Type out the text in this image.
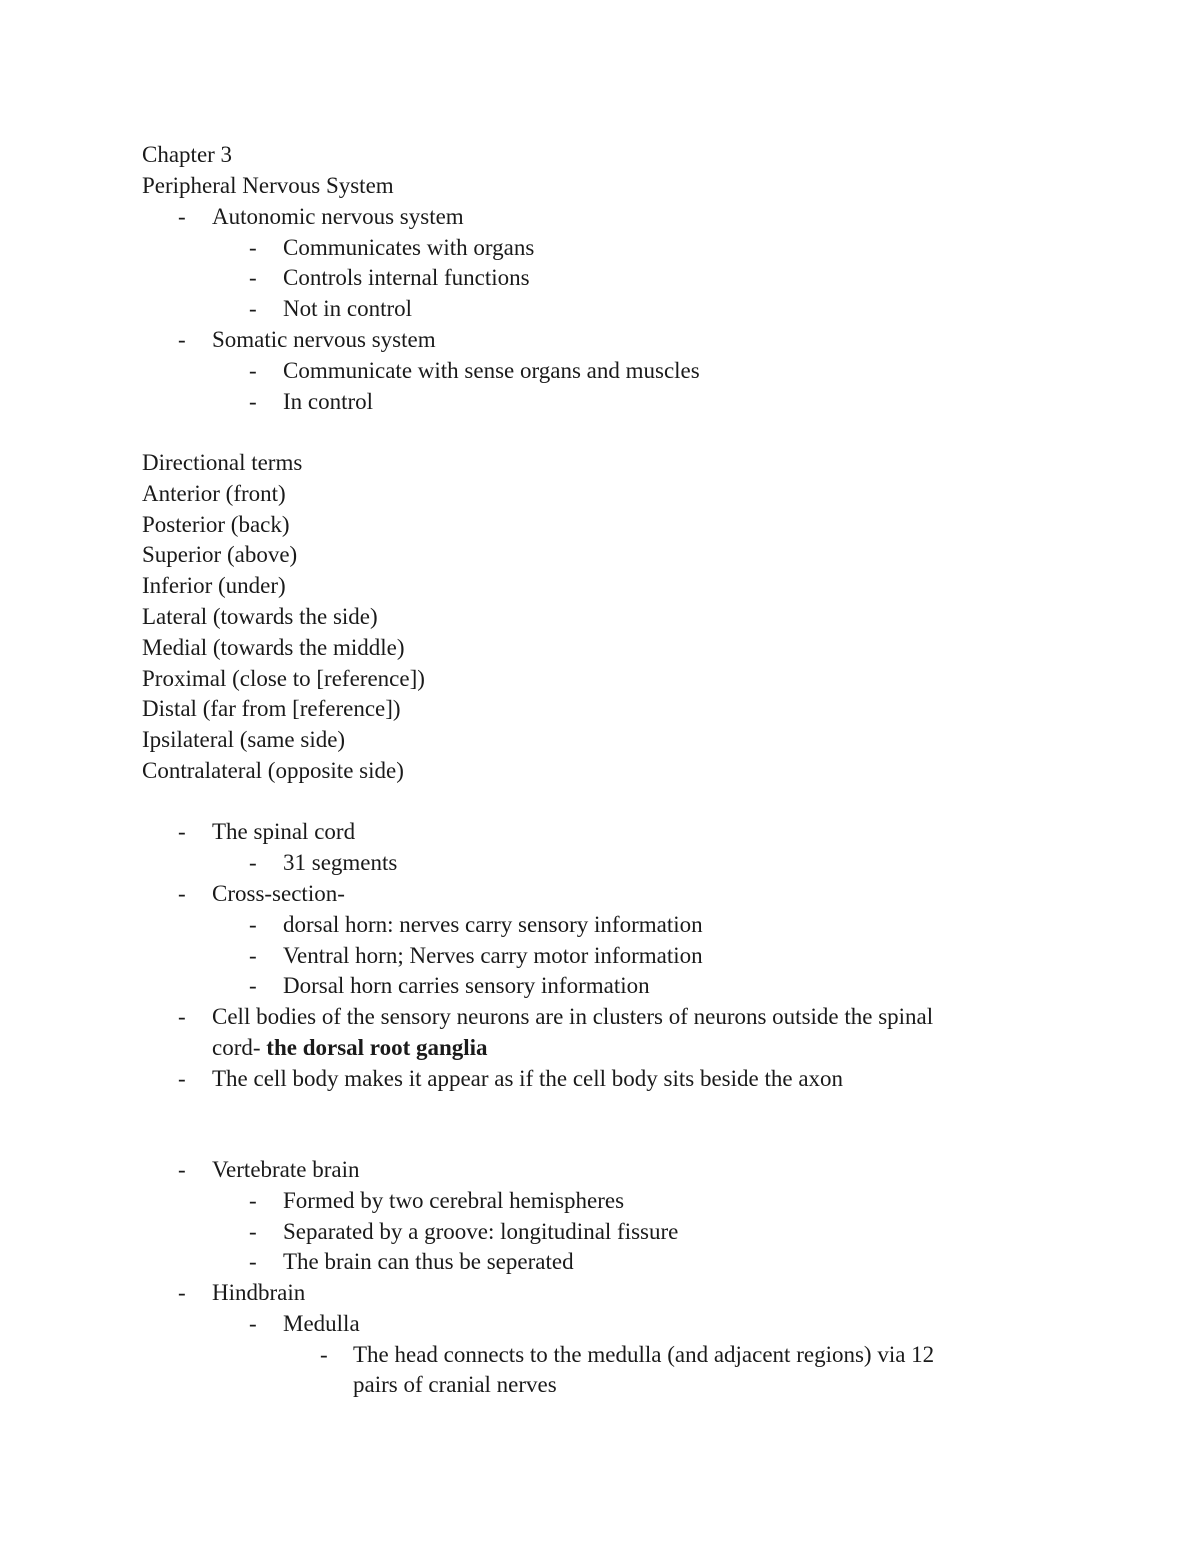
Chapter 3
Peripheral Nervous System
- Autonomic nervous system
- Communicates with organs
- Controls internal functions
- Not in control
- Somatic nervous system
- Communicate with sense organs and muscles
- In control
Directional terms
Anterior (front)
Posterior (back)
Superior (above)
Inferior (under)
Lateral (towards the side)
Medial (towards the middle)
Proximal (close to [reference])
Distal (far from [reference])
Ipsilateral (same side)
Contralateral (opposite side)
- The spinal cord
- 31 segments
- Cross-section-
- dorsal horn: nerves carry sensory information
- Ventral horn; Nerves carry motor information
- Dorsal horn carries sensory information
- Cell bodies of the sensory neurons are in clusters of neurons outside the spinal
cord- the dorsal root ganglia
- The cell body makes it appear as if the cell body sits beside the axon
- Vertebrate brain
- Formed by two cerebral hemispheres
- Separated by a groove: longitudinal fissure
- The brain can thus be seperated
- Hindbrain
- Medulla
- The head connects to the medulla (and adjacent regions) via 12
pairs of cranial nerves
